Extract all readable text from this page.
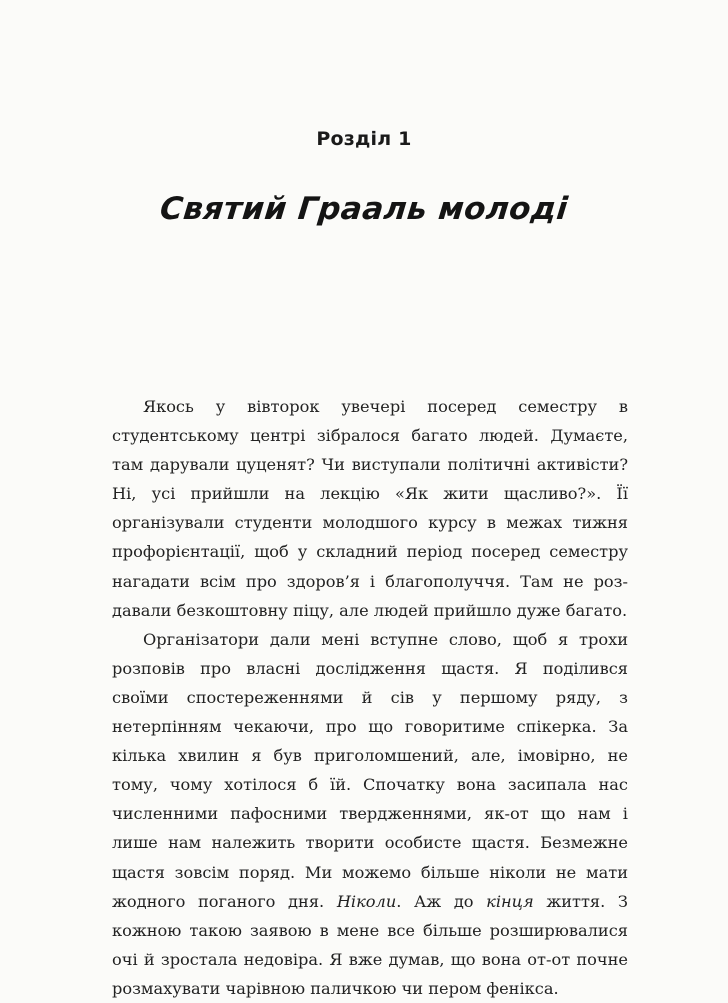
Розділ 1
Святий Грааль молоді

Якось у вівторок увечері посеред семестру в студентському центрі зібралося багато людей. Думаєте, там дарували цуценят? Чи виступали політичні активісти? Ні, усі прийшли на лекцію «Як жити щасливо?». Її організували студенти молодшого курсу в межах тижня профорієнтації, щоб у складний період посеред семестру нагадати всім про здоров’я і благополуччя. Там не роздавали безкоштовну піцу, але людей прийшло дуже багато.

Організатори дали мені вступне слово, щоб я трохи розповів про власні дослідження щастя. Я поділився своїми спостереженнями й сів у першому ряду, з нетерпінням чекаючи, про що говоритиме спікерка. За кілька хвилин я був приголомшений, але, імовірно, не тому, чому хотілося б їй. Спочатку вона засипала нас численними пафосними твердженнями, як-от що нам і лише нам належить творити особисте щастя. Безмежне щастя зовсім поряд. Ми можемо більше ніколи не мати жодного поганого дня. Ніколи. Аж до кінця життя. З кожною такою заявою в мене все більше розширювалися очі й зростала недовіра. Я вже думав, що вона от-от почне розмахувати чарівною паличкою чи пером фенікса.
